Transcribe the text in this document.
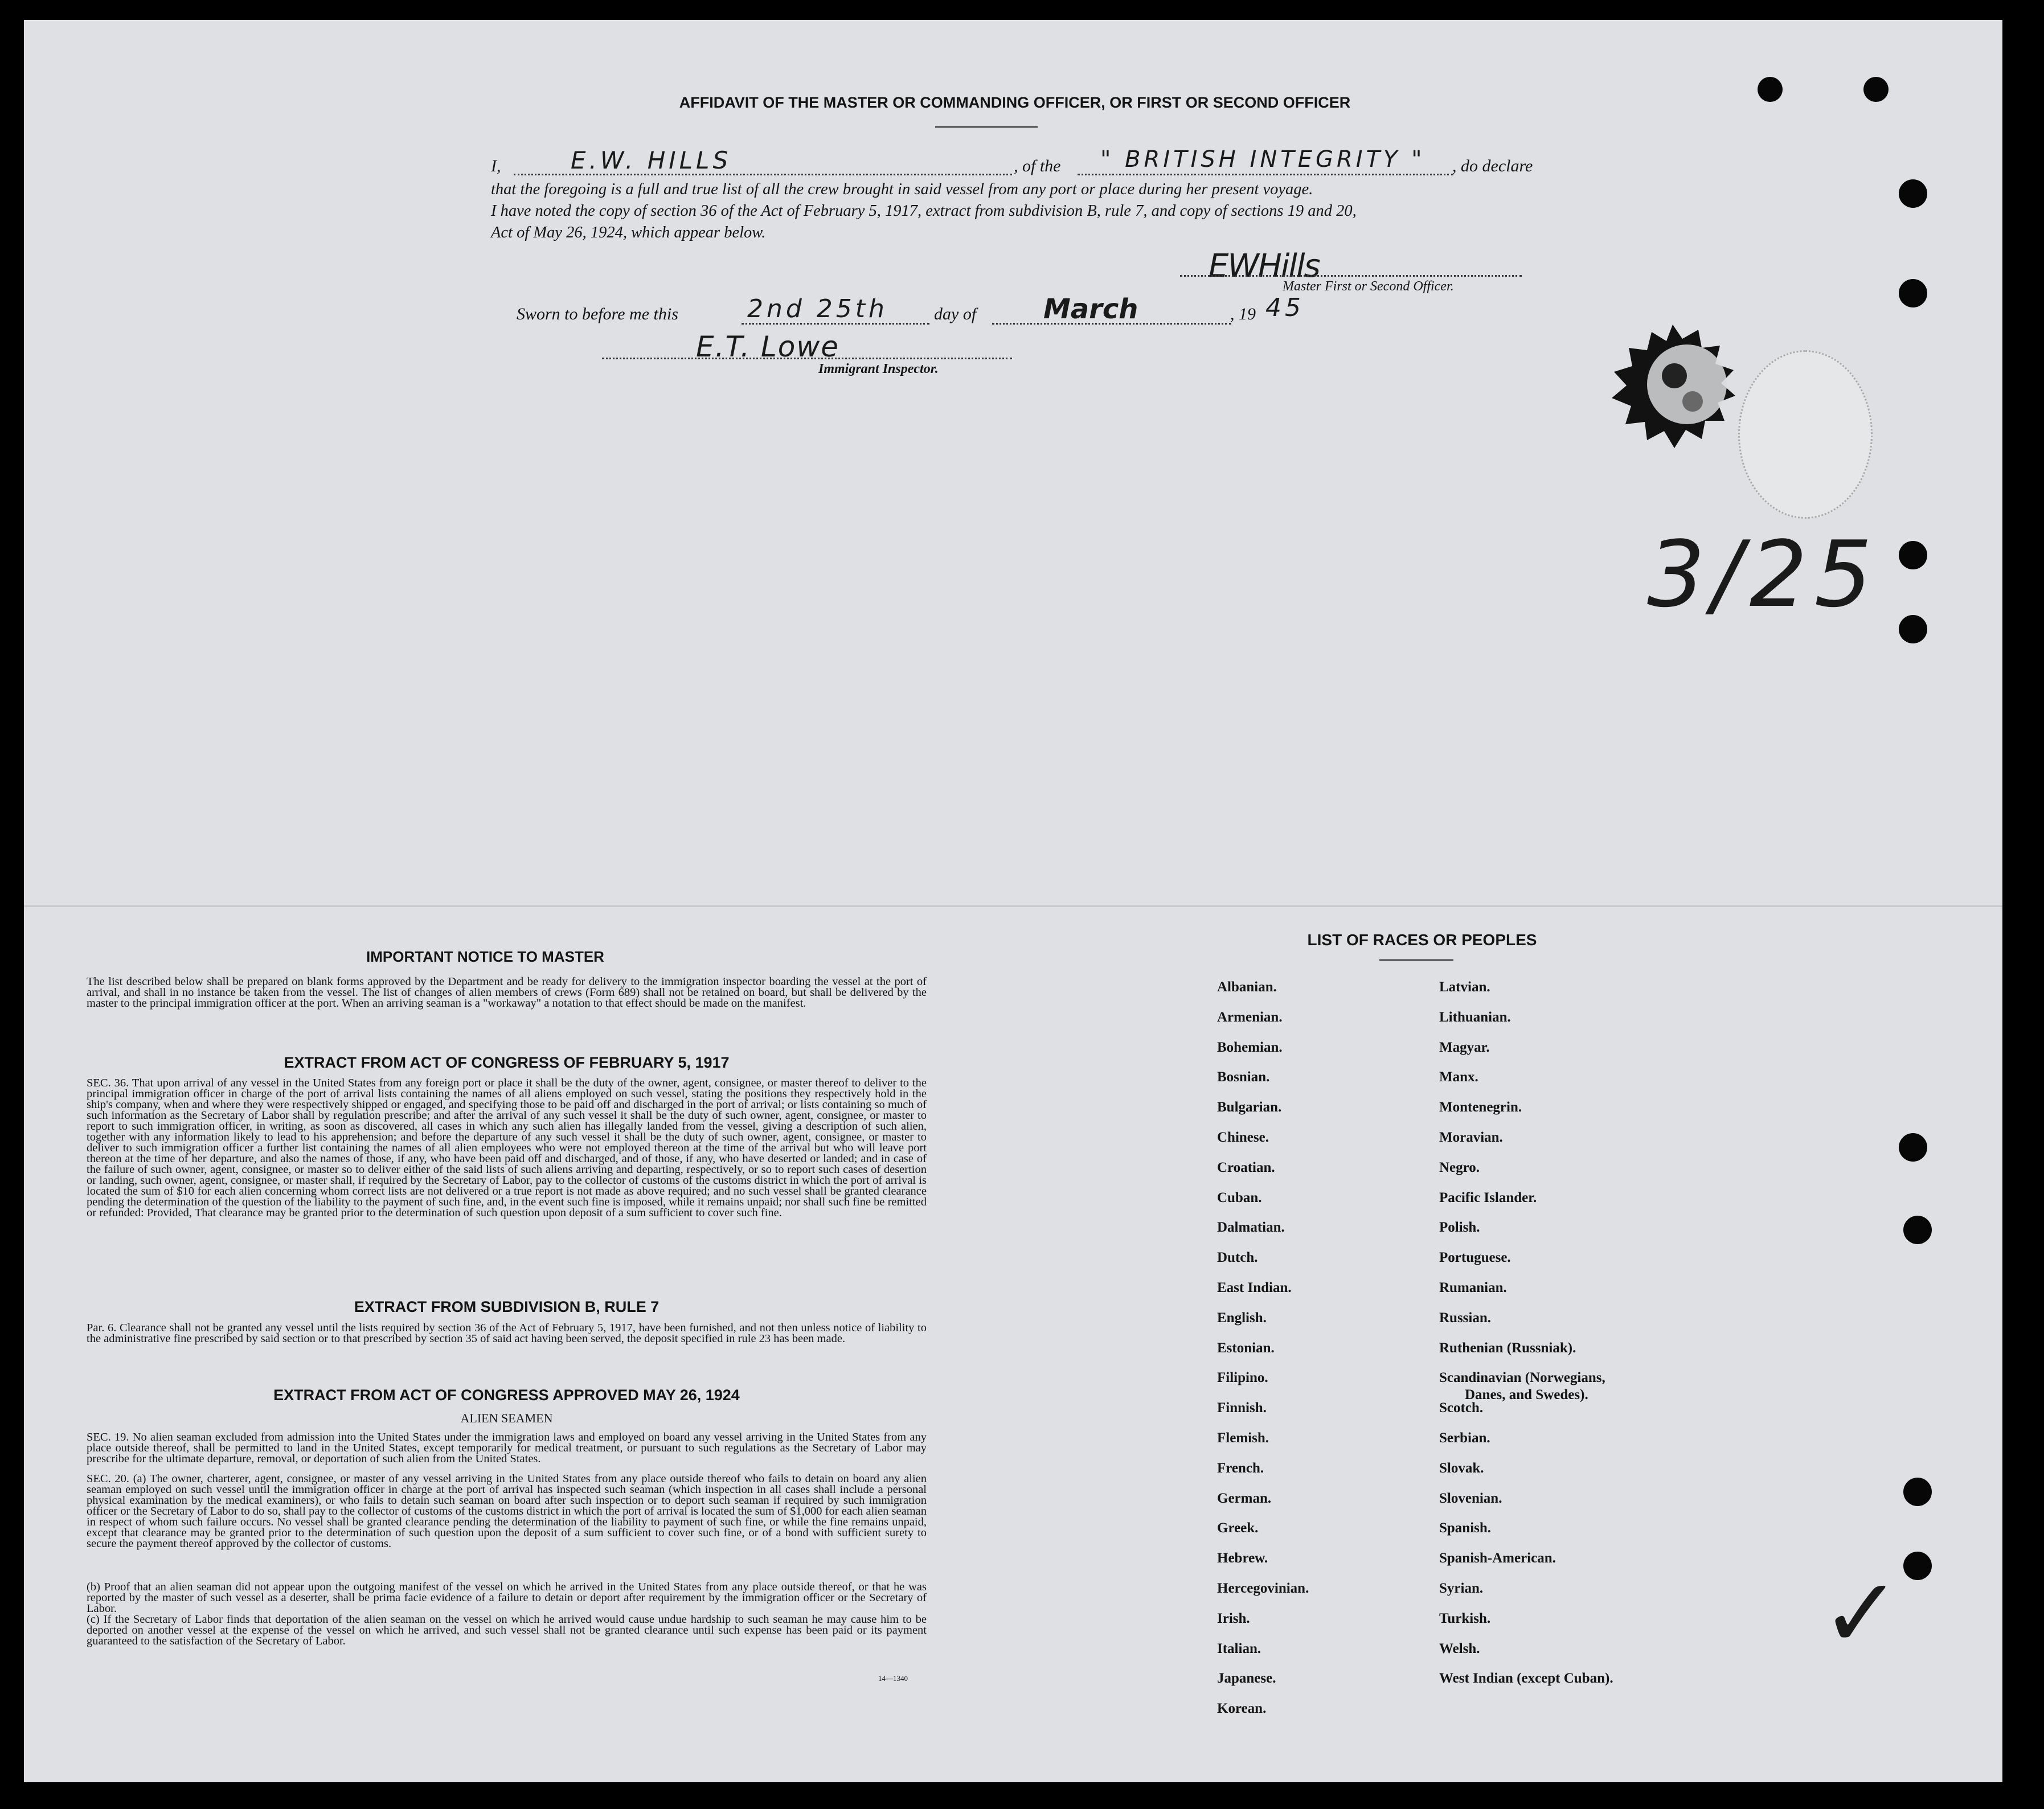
AFFIDAVIT OF THE MASTER OR COMMANDING OFFICER, OR FIRST OR SECOND OFFICER
I,	E.W. HILLS	, of the " BRITISH INTEGRITY " , do declare
that the foregoing is a full and true list of all the crew brought in said vessel from any port or place during her present voyage.
I have noted the copy of section 36 of the Act of February 5, 1917, extract from subdivision B, rule 7, and copy of sections 19 and 20,
Act of May 26, 1924, which appear below.
EWHills
Master First or Second Officer.
Sworn to before me this	2nd 25th	day of March	, 19 45
E.T. Lowe
Immigrant Inspector.
3/25
✓
IMPORTANT NOTICE TO MASTER
The list described below shall be prepared on blank forms approved by the Department and be ready for delivery to the immigration inspector boarding the vessel at the port of arrival, and shall in no instance be taken from the vessel. The list of changes of alien members of crews (Form 689) shall not be retained on board, but shall be delivered by the master to the principal immigration officer at the port. When an arriving seaman is a "workaway" a notation to that effect should be made on the manifest.
EXTRACT FROM ACT OF CONGRESS OF FEBRUARY 5, 1917
SEC. 36. That upon arrival of any vessel in the United States from any foreign port or place it shall be the duty of the owner, agent, consignee, or master thereof to deliver to the principal immigration officer in charge of the port of arrival lists containing the names of all aliens employed on such vessel, stating the positions they respectively hold in the ship's company, when and where they were respectively shipped or engaged, and specifying those to be paid off and discharged in the port of arrival; or lists containing so much of such information as the Secretary of Labor shall by regulation prescribe; and after the arrival of any such vessel it shall be the duty of such owner, agent, consignee, or master to report to such immigration officer, in writing, as soon as discovered, all cases in which any such alien has illegally landed from the vessel, giving a description of such alien, together with any information likely to lead to his apprehension; and before the departure of any such vessel it shall be the duty of such owner, agent, consignee, or master to deliver to such immigration officer a further list containing the names of all alien employees who were not employed thereon at the time of the arrival but who will leave port thereon at the time of her departure, and also the names of those, if any, who have been paid off and discharged, and of those, if any, who have deserted or landed; and in case of the failure of such owner, agent, consignee, or master so to deliver either of the said lists of such aliens arriving and departing, respectively, or so to report such cases of desertion or landing, such owner, agent, consignee, or master shall, if required by the Secretary of Labor, pay to the collector of customs of the customs district in which the port of arrival is located the sum of $10 for each alien concerning whom correct lists are not delivered or a true report is not made as above required; and no such vessel shall be granted clearance pending the determination of the question of the liability to the payment of such fine, and, in the event such fine is imposed, while it remains unpaid; nor shall such fine be remitted or refunded: Provided, That clearance may be granted prior to the determination of such question upon deposit of a sum sufficient to cover such fine.
EXTRACT FROM SUBDIVISION B, RULE 7
Par. 6. Clearance shall not be granted any vessel until the lists required by section 36 of the Act of February 5, 1917, have been furnished, and not then unless notice of liability to the administrative fine prescribed by said section or to that prescribed by section 35 of said act having been served, the deposit specified in rule 23 has been made.
EXTRACT FROM ACT OF CONGRESS APPROVED MAY 26, 1924
ALIEN SEAMEN
SEC. 19. No alien seaman excluded from admission into the United States under the immigration laws and employed on board any vessel arriving in the United States from any place outside thereof, shall be permitted to land in the United States, except temporarily for medical treatment, or pursuant to such regulations as the Secretary of Labor may prescribe for the ultimate departure, removal, or deportation of such alien from the United States.
SEC. 20. (a) The owner, charterer, agent, consignee, or master of any vessel arriving in the United States from any place outside thereof who fails to detain on board any alien seaman employed on such vessel until the immigration officer in charge at the port of arrival has inspected such seaman (which inspection in all cases shall include a personal physical examination by the medical examiners), or who fails to detain such seaman on board after such inspection or to deport such seaman if required by such immigration officer or the Secretary of Labor to do so, shall pay to the collector of customs of the customs district in which the port of arrival is located the sum of $1,000 for each alien seaman in respect of whom such failure occurs. No vessel shall be granted clearance pending the determination of the liability to payment of such fine, or while the fine remains unpaid, except that clearance may be granted prior to the determination of such question upon the deposit of a sum sufficient to cover such fine, or of a bond with sufficient surety to secure the payment thereof approved by the collector of customs.
(b) Proof that an alien seaman did not appear upon the outgoing manifest of the vessel on which he arrived in the United States from any place outside thereof, or that he was reported by the master of such vessel as a deserter, shall be prima facie evidence of a failure to detain or deport after requirement by the immigration officer or the Secretary of Labor.
(c) If the Secretary of Labor finds that deportation of the alien seaman on the vessel on which he arrived would cause undue hardship to such seaman he may cause him to be deported on another vessel at the expense of the vessel on which he arrived, and such vessel shall not be granted clearance until such expense has been paid or its payment guaranteed to the satisfaction of the Secretary of Labor.
14—1340
LIST OF RACES OR PEOPLES
Albanian.
Armenian.
Bohemian.
Bosnian.
Bulgarian.
Chinese.
Croatian.
Cuban.
Dalmatian.
Dutch.
East Indian.
English.
Estonian.
Filipino.
Finnish.
Flemish.
French.
German.
Greek.
Hebrew.
Hercegovinian.
Irish.
Italian.
Japanese.
Korean.
Latvian.
Lithuanian.
Magyar.
Manx.
Montenegrin.
Moravian.
Negro.
Pacific Islander.
Polish.
Portuguese.
Rumanian.
Russian.
Ruthenian (Russniak).
Scandinavian (Norwegians,
Danes, and Swedes).
Scotch.
Serbian.
Slovak.
Slovenian.
Spanish.
Spanish-American.
Syrian.
Turkish.
Welsh.
West Indian (except Cuban).
